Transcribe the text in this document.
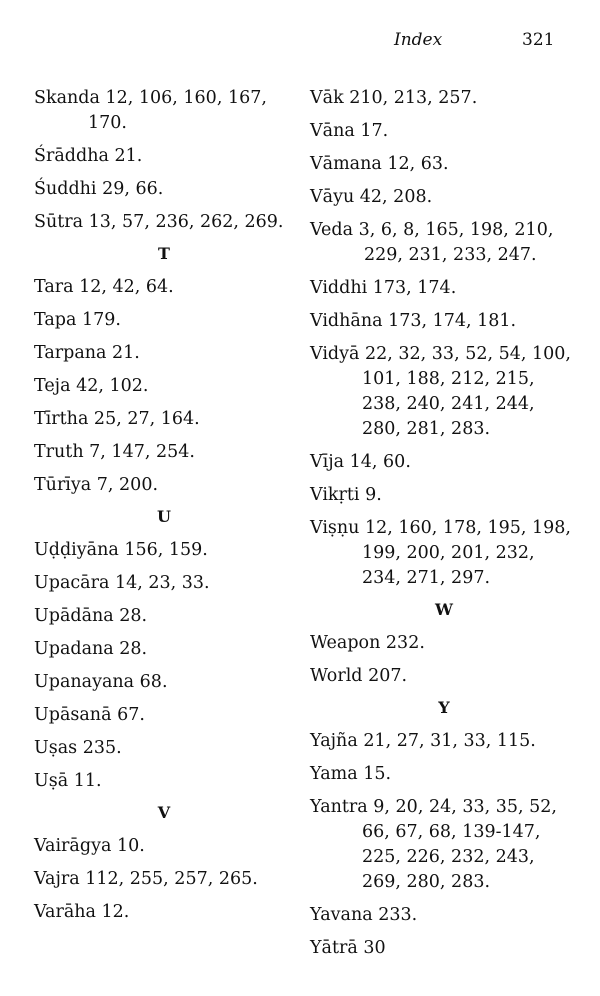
Index	321
Skanda 12, 106, 160, 167, 170.
Śrāddha 21.
Śuddhi 29, 66.
Sūtra 13, 57, 236, 262, 269.
T
Tara 12, 42, 64.
Tapa 179.
Tarpana 21.
Teja 42, 102.
Tīrtha 25, 27, 164.
Truth 7, 147, 254.
Tūrīya 7, 200.
U
Uḍḍiyāna 156, 159.
Upacāra 14, 23, 33.
Upādāna 28.
Upadana 28.
Upanayana 68.
Upāsanā 67.
Uṣas 235.
Uṣā 11.
V
Vairāgya 10.
Vajra 112, 255, 257, 265.
Varāha 12.
Vāk 210, 213, 257.
Vāna 17.
Vāmana 12, 63.
Vāyu 42, 208.
Veda 3, 6, 8, 165, 198, 210, 229, 231, 233, 247.
Viddhi 173, 174.
Vidhāna 173, 174, 181.
Vidyā 22, 32, 33, 52, 54, 100, 101, 188, 212, 215, 238, 240, 241, 244, 280, 281, 283.
Vīja 14, 60.
Vikṛti 9.
Viṣṇu 12, 160, 178, 195, 198, 199, 200, 201, 232, 234, 271, 297.
W
Weapon 232.
World 207.
Y
Yajña 21, 27, 31, 33, 115.
Yama 15.
Yantra 9, 20, 24, 33, 35, 52, 66, 67, 68, 139-147, 225, 226, 232, 243, 269, 280, 283.
Yavana 233.
Yātrā 30
